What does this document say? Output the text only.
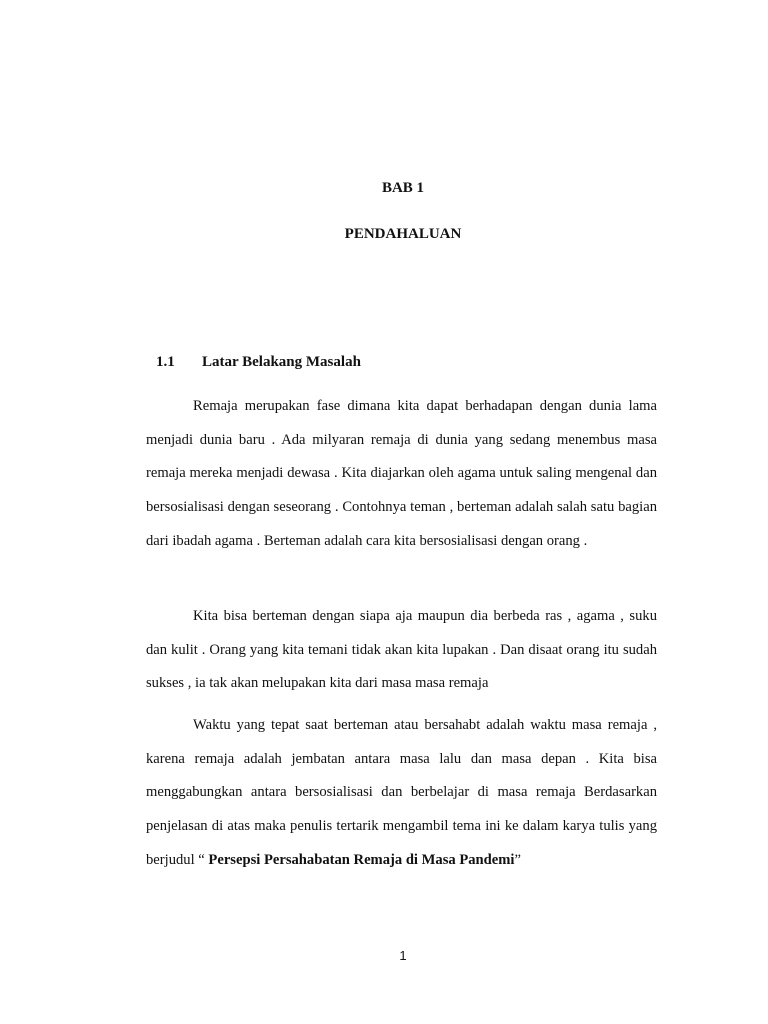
BAB 1

PENDAHALUAN

1.1	Latar Belakang Masalah

Remaja merupakan fase dimana kita dapat berhadapan dengan dunia lama menjadi dunia baru . Ada milyaran remaja di dunia yang sedang menembus masa remaja mereka menjadi dewasa . Kita diajarkan oleh agama untuk saling mengenal dan bersosialisasi dengan seseorang . Contohnya teman , berteman adalah salah satu bagian dari ibadah agama . Berteman adalah cara kita bersosialisasi dengan orang .

Kita bisa berteman dengan siapa aja maupun dia berbeda ras , agama , suku dan kulit . Orang yang kita temani tidak akan kita lupakan . Dan disaat orang itu sudah sukses , ia tak akan melupakan kita dari masa masa remaja

Waktu yang tepat saat berteman atau bersahabt adalah waktu masa remaja , karena remaja adalah jembatan antara masa lalu dan masa depan . Kita bisa menggabungkan antara bersosialisasi dan berbelajar di masa remaja Berdasarkan penjelasan di atas maka penulis tertarik mengambil tema ini ke dalam karya tulis yang berjudul “ Persepsi Persahabatan Remaja di Masa Pandemi”

1
